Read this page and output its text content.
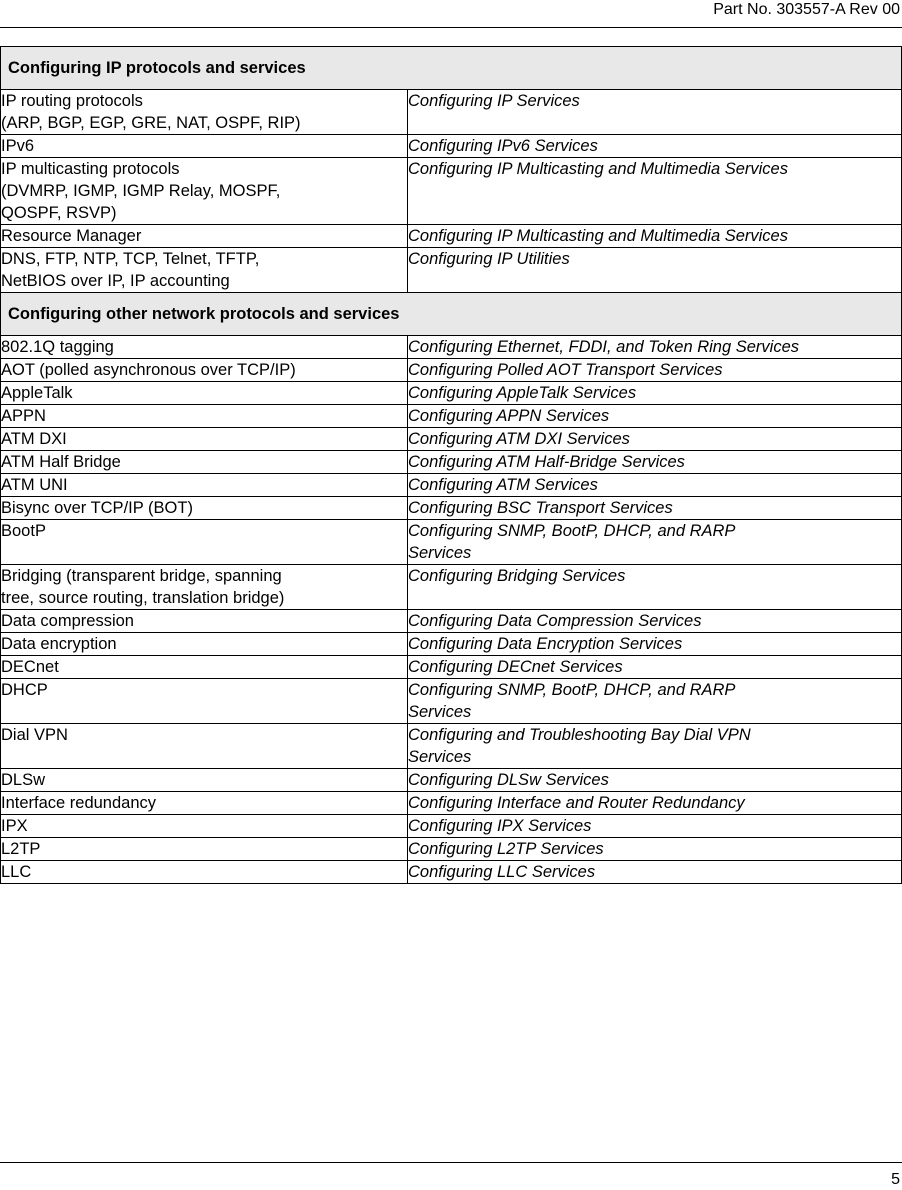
Part No. 303557-A Rev 00
Configuring IP protocols and services	

IP routing protocols
(ARP, BGP, EGP, GRE, NAT, OSPF, RIP)	Configuring IP Services

IPv6	Configuring IPv6 Services

IP multicasting protocols
(DVMRP, IGMP, IGMP Relay, MOSPF,
QOSPF, RSVP)	Configuring IP Multicasting and Multimedia Services

Resource Manager	Configuring IP Multicasting and Multimedia Services

DNS, FTP, NTP, TCP, Telnet, TFTP,
NetBIOS over IP, IP accounting	Configuring IP Utilities

Configuring other network protocols and services	

802.1Q tagging	Configuring Ethernet, FDDI, and Token Ring Services

AOT (polled asynchronous over TCP/IP)	Configuring Polled AOT Transport Services

AppleTalk	Configuring AppleTalk Services

APPN	Configuring APPN Services

ATM DXI	Configuring ATM DXI Services

ATM Half Bridge	Configuring ATM Half-Bridge Services

ATM UNI	Configuring ATM Services

Bisync over TCP/IP (BOT)	Configuring BSC Transport Services

BootP	Configuring SNMP, BootP, DHCP, and RARP
Services

Bridging (transparent bridge, spanning
tree, source routing, translation bridge)	Configuring Bridging Services

Data compression	Configuring Data Compression Services

Data encryption	Configuring Data Encryption Services

DECnet	Configuring DECnet Services

DHCP	Configuring SNMP, BootP, DHCP, and RARP
Services

Dial VPN	Configuring and Troubleshooting Bay Dial VPN
Services

DLSw	Configuring DLSw Services

Interface redundancy	Configuring Interface and Router Redundancy

IPX	Configuring IPX Services

L2TP	Configuring L2TP Services

LLC	Configuring LLC Services
5
